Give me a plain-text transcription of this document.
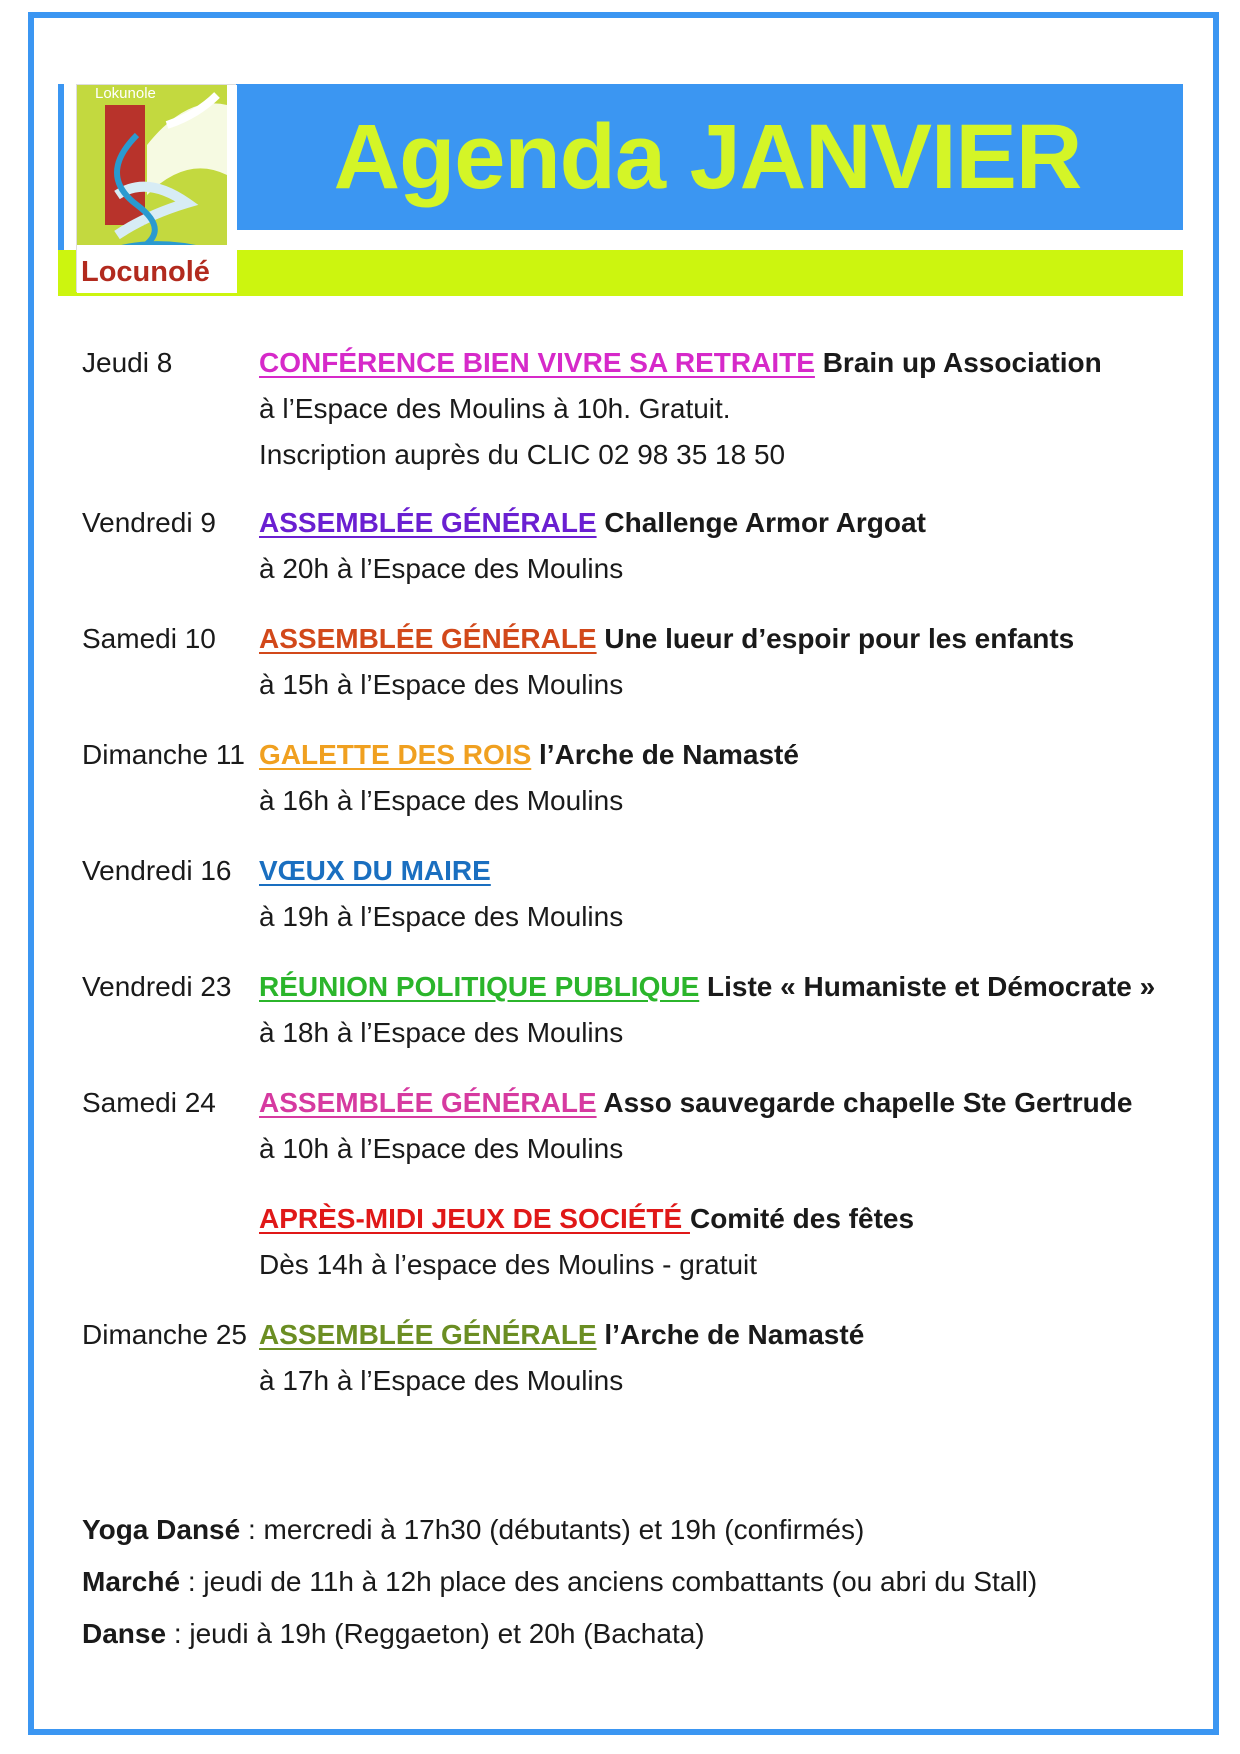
Agenda JANVIER
Lokunole
Locunolé
Jeudi 8	CONFÉRENCE BIEN VIVRE SA RETRAITE Brain up Association
à l’Espace des Moulins à 10h. Gratuit.
Inscription auprès du CLIC 02 98 35 18 50
Vendredi 9 ASSEMBLÉE GÉNÉRALE Challenge Armor Argoat
à 20h à l’Espace des Moulins
Samedi 10 ASSEMBLÉE GÉNÉRALE Une lueur d’espoir pour les enfants
à 15h à l’Espace des Moulins
Dimanche 11 GALETTE DES ROIS l’Arche de Namasté
à 16h à l’Espace des Moulins
Vendredi 16 VŒUX DU MAIRE
à 19h à l’Espace des Moulins
Vendredi 23 RÉUNION POLITIQUE PUBLIQUE Liste « Humaniste et Démocrate »
à 18h à l’Espace des Moulins
Samedi 24 ASSEMBLÉE GÉNÉRALE Asso sauvegarde chapelle Ste Gertrude
à 10h à l’Espace des Moulins
APRÈS-MIDI JEUX DE SOCIÉTÉ Comité des fêtes
Dès 14h à l’espace des Moulins - gratuit
Dimanche 25 ASSEMBLÉE GÉNÉRALE l’Arche de Namasté
à 17h à l’Espace des Moulins
Yoga Dansé : mercredi à 17h30 (débutants) et 19h (confirmés)
Marché : jeudi de 11h à 12h place des anciens combattants (ou abri du Stall)
Danse : jeudi à 19h (Reggaeton) et 20h (Bachata)
